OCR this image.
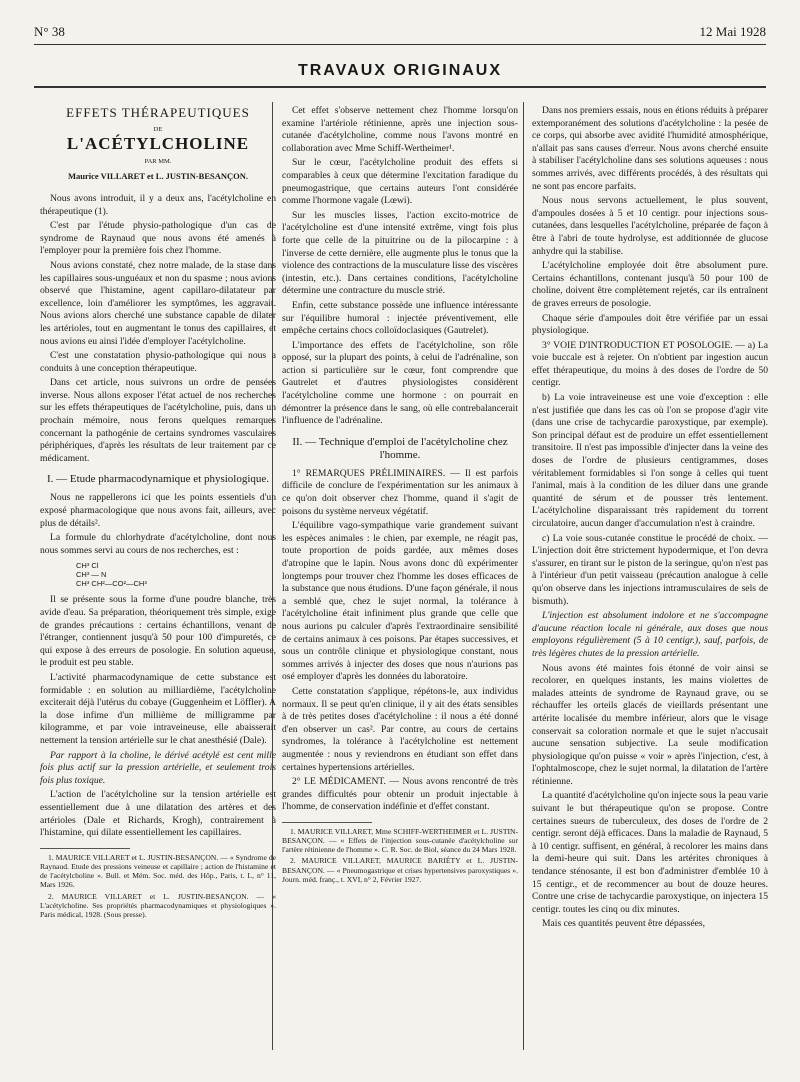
N° 38	12 Mai 1928
TRAVAUX ORIGINAUX
EFFETS THÉRAPEUTIQUES
DE
L'ACÉTYLCHOLINE
PAR MM.
Maurice VILLARET et L. JUSTIN-BESANÇON.

Nous avons introduit, il y a deux ans, l'acétylcholine en thérapeutique (1).

C'est par l'étude physio-pathologique d'un cas de syndrome de Raynaud que nous avons été amenés à l'employer pour la première fois chez l'homme.

Nous avions constaté, chez notre malade, de la stase dans les capillaires sous-unguéaux et non du spasme ; nous avions observé que l'histamine, agent capillaro-dilatateur par excellence, loin d'améliorer les symptômes, les aggravait. Nous avions alors cherché une substance capable de dilater les artérioles, tout en augmentant le tonus des capillaires, et nous avions eu ainsi l'idée d'employer l'acétylcholine.

C'est une constatation physio-pathologique qui nous a conduits à une conception thérapeutique.

Dans cet article, nous suivrons un ordre de pensées inverse. Nous allons exposer l'état actuel de nos recherches sur les effets thérapeutiques de l'acétylcholine, puis, dans un prochain mémoire, nous ferons quelques remarques concernant la pathogénie de certains syndromes vasculaires périphériques, d'après les résultats de leur traitement par ce médicament.

I. — Etude pharmacodynamique et physiologique.

Nous ne rappellerons ici que les points essentiels d'un exposé pharmacologique que nous avons fait, ailleurs, avec plus de détails².

La formule du chlorhydrate d'acétylcholine, dont nous nous sommes servi au cours de nos recherches, est :

CH³ Cl
CH³ — N
CH³ CH²—CO²—CH³

Il se présente sous la forme d'une poudre blanche, très avide d'eau. Sa préparation, théoriquement très simple, exige de grandes précautions : certains échantillons, venant de l'étranger, contiennent jusqu'à 50 pour 100 d'impuretés, ce qui expose à des erreurs de posologie. En solution aqueuse, le produit est peu stable.

L'activité pharmacodynamique de cette substance est formidable : en solution au milliardième, l'acétylcholine exciterait déjà l'utérus du cobaye (Guggenheim et Löffler). A la dose infime d'un millième de milligramme par kilogramme, et par voie intraveineuse, elle abaisserait nettement la tension artérielle sur le chat anesthésié (Dale).

Par rapport à la choline, le dérivé acétylé est cent mille fois plus actif sur la pression artérielle, et seulement trois fois plus toxique.

L'action de l'acétylcholine sur la tension artérielle est essentiellement due à une dilatation des artères et des artérioles (Dale et Richards, Krogh), contrairement à l'histamine, qui dilate essentiellement les capillaires.

1. MAURICE VILLARET et L. JUSTIN-BESANÇON. — « Syndrome de Raynaud. Etude des pressions veineuse et capillaire ; action de l'histamine et de l'acétylcholine ». Bull. et Mém. Soc. méd. des Hôp., Paris, t. L, n° 11, Mars 1926.
2. MAURICE VILLARET et L. JUSTIN-BESANÇON. — « L'acétylcholine. Ses propriétés pharmacodynamiques et physiologiques ». Paris médical, 1928. (Sous presse).

Cet effet s'observe nettement chez l'homme lorsqu'on examine l'artériole rétinienne, après une injection sous-cutanée d'acétylcholine, comme nous l'avons montré en collaboration avec Mme Schiff-Wertheimer¹.

Sur le cœur, l'acétylcholine produit des effets si comparables à ceux que détermine l'excitation faradique du pneumogastrique, que certains auteurs l'ont considérée comme l'hormone vagale (Lœwi).

Sur les muscles lisses, l'action excito-motrice de l'acétylcholine est d'une intensité extrême, vingt fois plus forte que celle de la pituitrine ou de la pilocarpine : à l'inverse de cette dernière, elle augmente plus le tonus que la violence des contractions de la musculature lisse des viscères (intestin, etc.). Dans certaines conditions, l'acétylcholine détermine une contracture du muscle strié.

Enfin, cette substance possède une influence intéressante sur l'équilibre humoral : injectée préventivement, elle empêche certains chocs colloïdoclasiques (Gautrelet).

L'importance des effets de l'acétylcholine, son rôle opposé, sur la plupart des points, à celui de l'adrénaline, son action si particulière sur le cœur, font comprendre que Gautrelet et d'autres physiologistes considèrent l'acétylcholine comme une hormone : on pourrait en démontrer la présence dans le sang, où elle contrebalancerait l'influence de l'adrénaline.

II. — Technique d'emploi de l'acétylcholine chez l'homme.

1° REMARQUES PRÉLIMINAIRES. — Il est parfois difficile de conclure de l'expérimentation sur les animaux à ce qu'on doit observer chez l'homme, quand il s'agit de poisons du système nerveux végétatif.

L'équilibre vago-sympathique varie grandement suivant les espèces animales : le chien, par exemple, ne réagit pas, toute proportion de poids gardée, aux mêmes doses d'atropine que le lapin. Nous avons donc dû expérimenter longtemps pour trouver chez l'homme les doses efficaces de la substance que nous étudions. D'une façon générale, il nous a semblé que, chez le sujet normal, la tolérance à l'acétylcholine était infiniment plus grande que celle que nous aurions pu calculer d'après l'extraordinaire sensibilité de certains animaux à ces poisons. Par étapes successives, et sous un contrôle clinique et physiologique constant, nous sommes arrivés à injecter des doses que nous n'aurions pas osé employer d'après les données du laboratoire.

Cette constatation s'applique, répétons-le, aux individus normaux. Il se peut qu'en clinique, il y ait des états sensibles à de très petites doses d'acétylcholine : il nous a été donné d'en observer un cas². Par contre, au cours de certains syndromes, la tolérance à l'acétylcholine est nettement augmentée : nous y reviendrons en étudiant son effet dans certaines hypertensions artérielles.

2° LE MÉDICAMENT. — Nous avons rencontré de très grandes difficultés pour obtenir un produit injectable à l'homme, de conservation indéfinie et d'effet constant.

1. MAURICE VILLARET, Mme SCHIFF-WERTHEIMER et L. JUSTIN-BESANÇON. — « Effets de l'injection sous-cutanée d'acétylcholine sur l'artère rétinienne de l'homme ». C. R. Soc. de Biol, séance du 24 Mars 1928.
2. MAURICE VILLARET, MAURICE BARIÉTY et L. JUSTIN-BESANÇON. — « Pneumogastrique et crises hypertensives paroxystiques ». Journ. méd. franç., t. XVI, n° 2, Février 1927.

Dans nos premiers essais, nous en étions réduits à préparer extemporanément des solutions d'acétylcholine : la pesée de ce corps, qui absorbe avec avidité l'humidité atmosphérique, n'allait pas sans causes d'erreur. Nous avons cherché ensuite à stabiliser l'acétylcholine dans ses solutions aqueuses : nous sommes arrivés, avec différents procédés, à des résultats qui ne sont pas encore parfaits.

Nous nous servons actuellement, le plus souvent, d'ampoules dosées à 5 et 10 centigr. pour injections sous-cutanées, dans lesquelles l'acétylcholine, préparée de façon à être à l'abri de toute hydrolyse, est additionnée de glucose anhydre qui la stabilise.

L'acétylcholine employée doit être absolument pure. Certains échantillons, contenant jusqu'à 50 pour 100 de choline, doivent être complètement rejetés, car ils entraînent de graves erreurs de posologie.

Chaque série d'ampoules doit être vérifiée par un essai physiologique.

3° VOIE D'INTRODUCTION ET POSOLOGIE. — a) La voie buccale est à rejeter. On n'obtient par ingestion aucun effet thérapeutique, du moins à des doses de l'ordre de 50 centigr.

b) La voie intraveineuse est une voie d'exception : elle n'est justifiée que dans les cas où l'on se propose d'agir vite (dans une crise de tachycardie paroxystique, par exemple). Son principal défaut est de produire un effet essentiellement transitoire. Il n'est pas impossible d'injecter dans la veine des doses de l'ordre de plusieurs centigrammes, doses véritablement formidables si l'on songe à celles qui tuent l'animal, mais à la condition de les diluer dans une grande quantité de sérum et de pousser très lentement. L'acétylcholine disparaissant très rapidement du torrent circulatoire, aucun danger d'accumulation n'est à craindre.

c) La voie sous-cutanée constitue le procédé de choix. — L'injection doit être strictement hypodermique, et l'on devra s'assurer, en tirant sur le piston de la seringue, qu'on n'est pas à l'intérieur d'un petit vaisseau (précaution analogue à celle qu'on observe dans les injections intramusculaires de sels de bismuth).

L'injection est absolument indolore et ne s'accompagne d'aucune réaction locale ni générale, aux doses que nous employons régulièrement (5 à 10 centigr.), sauf, parfois, de très légères chutes de la pression artérielle.

Nous avons été maintes fois étonné de voir ainsi se recolorer, en quelques instants, les mains violettes de malades atteints de syndrome de Raynaud grave, ou se réchauffer les orteils glacés de vieillards présentant une artérite localisée du membre inférieur, alors que le visage conservait sa coloration normale et que le sujet n'accusait aucune sensation subjective. La seule modification physiologique qu'on puisse « voir » après l'injection, c'est, à l'ophtalmoscope, chez le sujet normal, la dilatation de l'artère rétinienne.

La quantité d'acétylcholine qu'on injecte sous la peau varie suivant le but thérapeutique qu'on se propose. Contre certaines sueurs de tuberculeux, des doses de l'ordre de 2 centigr. seront déjà efficaces. Dans la maladie de Raynaud, 5 à 10 centigr. suffisent, en général, à recolorer les mains dans la demi-heure qui suit. Dans les artérites chroniques à tendance sténosante, il est bon d'administrer d'emblée 10 à 15 centigr., et de recommencer au bout de douze heures. Contre une crise de tachycardie paroxystique, on injectera 15 centigr. toutes les cinq ou dix minutes.

Mais ces quantités peuvent être dépassées,
